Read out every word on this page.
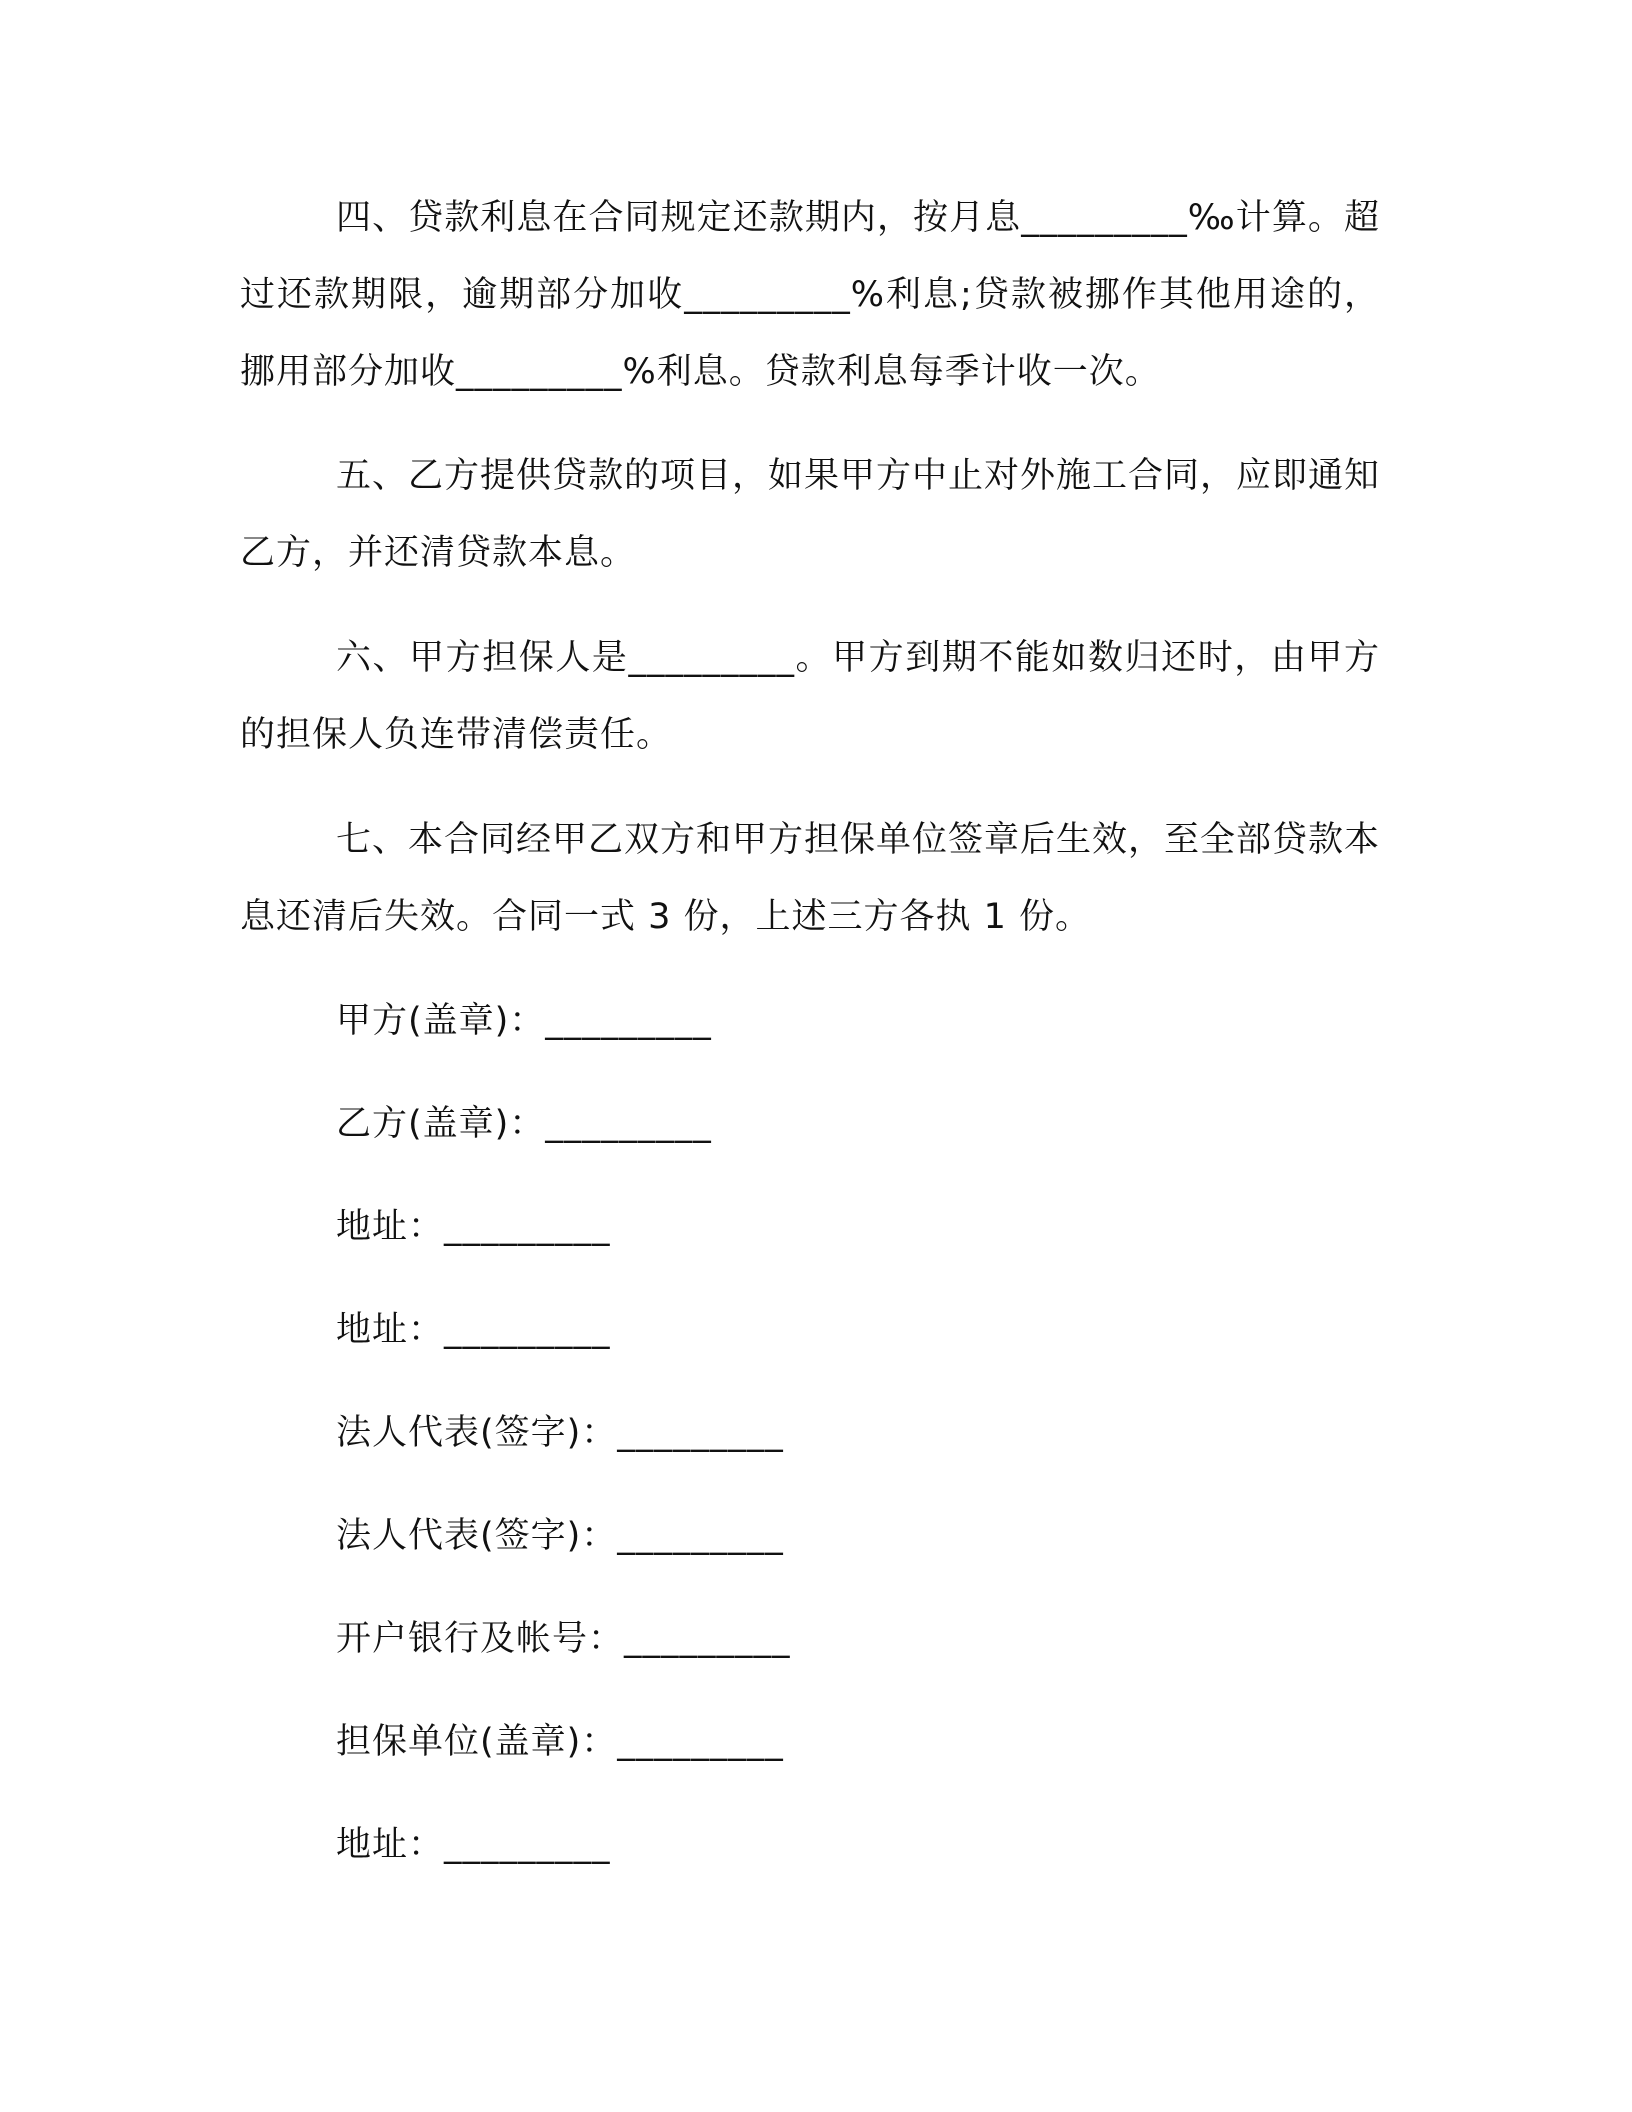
四、贷款利息在合同规定还款期内，按月息_________‰计算。超过还款期限，逾期部分加收_________%利息;贷款被挪作其他用途的，挪用部分加收_________%利息。贷款利息每季计收一次。

五、乙方提供贷款的项目，如果甲方中止对外施工合同，应即通知乙方，并还清贷款本息。

六、甲方担保人是_________。甲方到期不能如数归还时，由甲方的担保人负连带清偿责任。

七、本合同经甲乙双方和甲方担保单位签章后生效，至全部贷款本息还清后失效。合同一式 3 份，上述三方各执 1 份。

甲方(盖章)：_________

乙方(盖章)：_________

地址：_________

地址：_________

法人代表(签字)：_________

法人代表(签字)：_________

开户银行及帐号：_________

担保单位(盖章)：_________

地址：_________
